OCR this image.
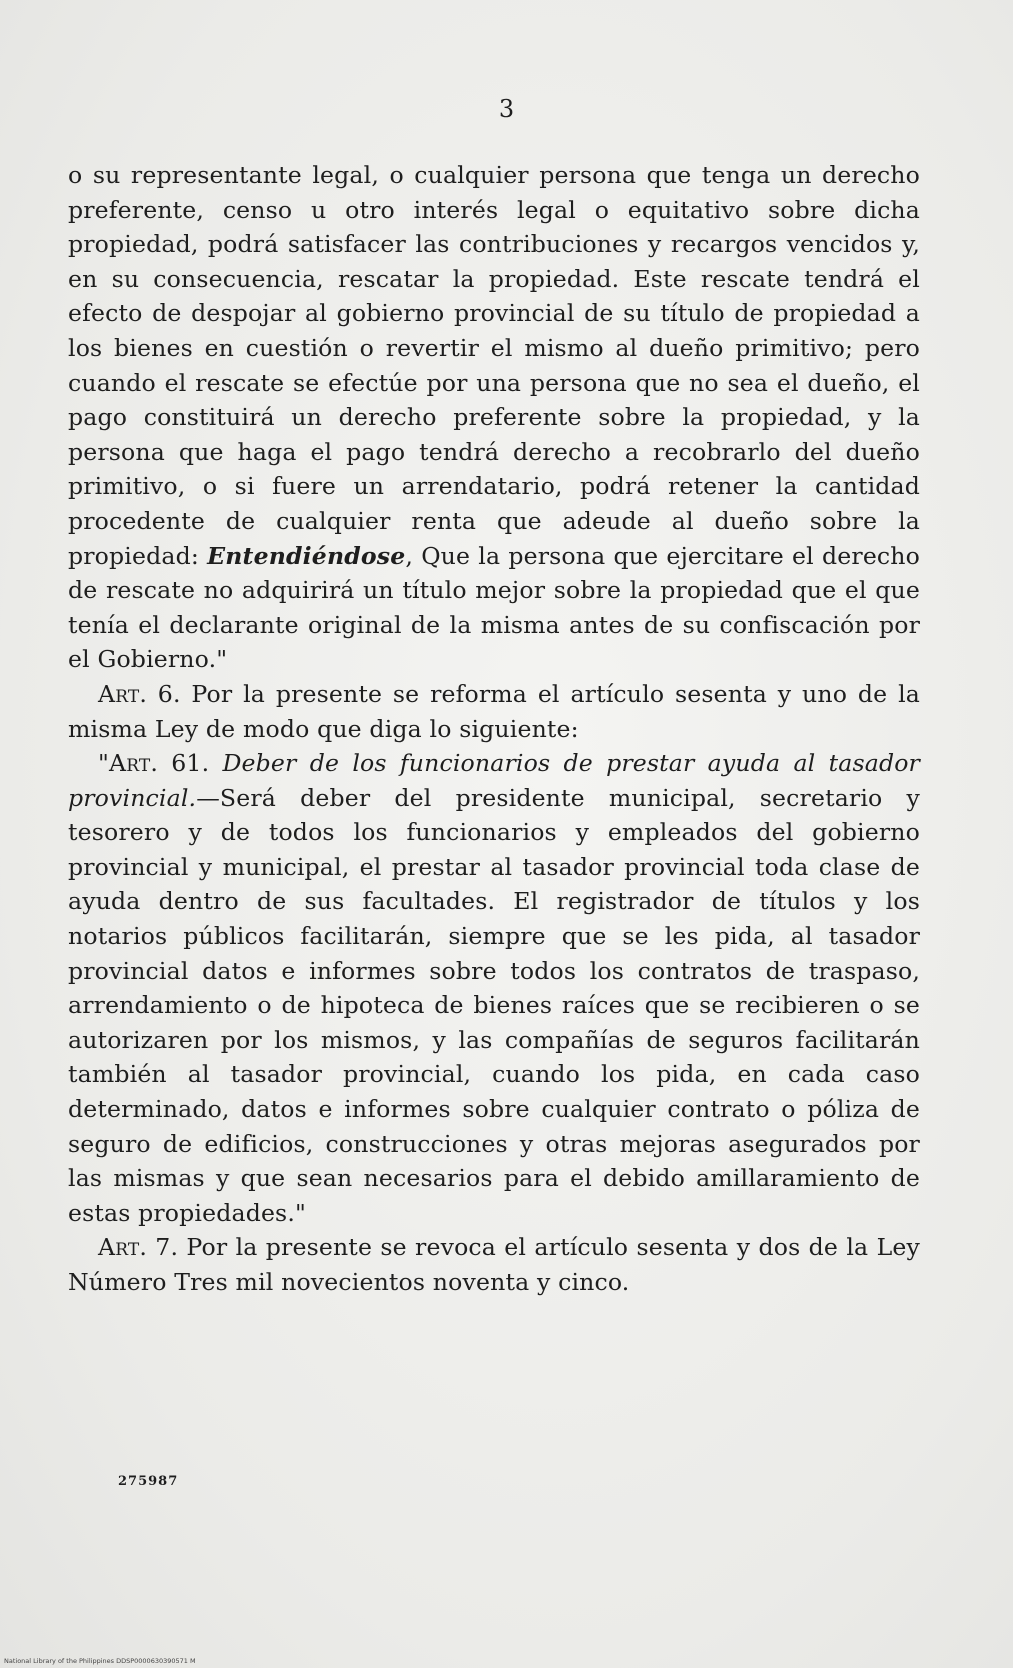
3

o su representante legal, o cualquier persona que tenga un derecho preferente, censo u otro interés legal o equitativo sobre dicha propiedad, podrá satisfacer las contribuciones y recargos vencidos y, en su consecuencia, rescatar la propiedad. Este rescate tendrá el efecto de despojar al gobierno provincial de su título de propiedad a los bienes en cuestión o revertir el mismo al dueño primitivo; pero cuando el rescate se efectúe por una persona que no sea el dueño, el pago constituirá un derecho preferente sobre la propiedad, y la persona que haga el pago tendrá derecho a recobrarlo del dueño primitivo, o si fuere un arrendatario, podrá retener la cantidad procedente de cualquier renta que adeude al dueño sobre la propiedad: Entendiéndose, Que la persona que ejercitare el derecho de rescate no adquirirá un título mejor sobre la propiedad que el que tenía el declarante original de la misma antes de su confiscación por el Gobierno."

Art. 6. Por la presente se reforma el artículo sesenta y uno de la misma Ley de modo que diga lo siguiente:

"Art. 61. Deber de los funcionarios de prestar ayuda al tasador provincial.—Será deber del presidente municipal, secretario y tesorero y de todos los funcionarios y empleados del gobierno provincial y municipal, el prestar al tasador provincial toda clase de ayuda dentro de sus facultades. El registrador de títulos y los notarios públicos facilitarán, siempre que se les pida, al tasador provincial datos e informes sobre todos los contratos de traspaso, arrendamiento o de hipoteca de bienes raíces que se recibieren o se autorizaren por los mismos, y las compañías de seguros facilitarán también al tasador provincial, cuando los pida, en cada caso determinado, datos e informes sobre cualquier contrato o póliza de seguro de edificios, construcciones y otras mejoras asegurados por las mismas y que sean necesarios para el debido amillaramiento de estas propiedades."

Art. 7. Por la presente se revoca el artículo sesenta y dos de la Ley Número Tres mil novecientos noventa y cinco.

275987
National Library of the Philippines DDSP0000630390571 M
